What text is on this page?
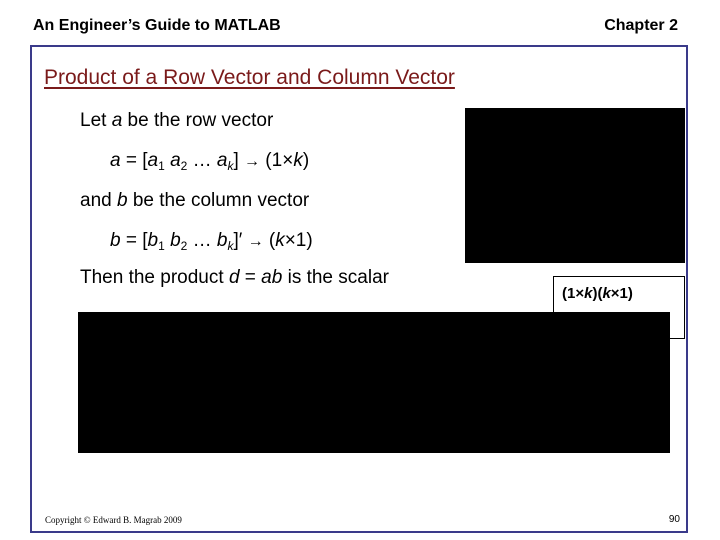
An Engineer’s Guide to MATLAB	Chapter 2
Product of a Row Vector and Column Vector
Let a be the row vector
$a = [a_1$ $a_2$ … $a_k] \to (1\times k)$
and b be the column vector
$b = [b_1$ $b_2$ … $b_k]' \to (k\times 1)$
Then the product d = ab is the scalar
(1×k)(k×1)
Copyright © Edward B. Magrab 2009	90
